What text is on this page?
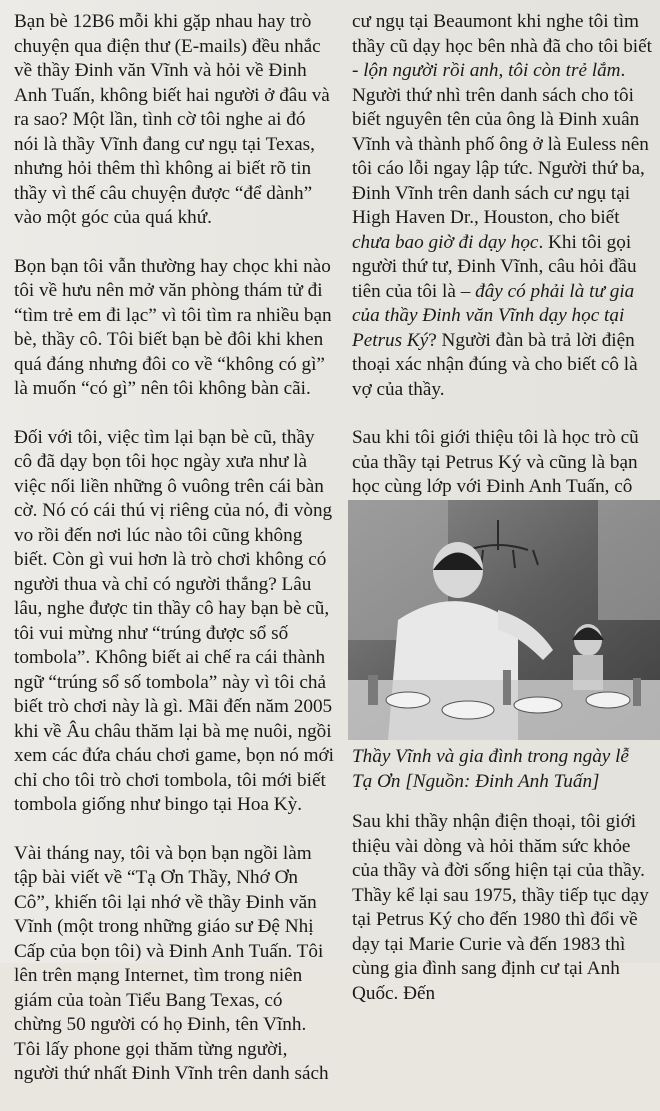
Bạn bè 12B6 mỗi khi gặp nhau hay trò chuyện qua điện thư (E-mails) đều nhắc về thầy Đinh văn Vĩnh và hỏi về Đinh Anh Tuấn, không biết hai người ở đâu và ra sao? Một lần, tình cờ tôi nghe ai đó nói là thầy Vĩnh đang cư ngụ tại Texas, nhưng hỏi thêm thì không ai biết rõ tin thầy vì thế câu chuyện được “để dành” vào một góc của quá khứ.

Bọn bạn tôi vẫn thường hay chọc khi nào tôi về hưu nên mở văn phòng thám tử đi “tìm trẻ em đi lạc” vì tôi tìm ra nhiều bạn bè, thầy cô. Tôi biết bạn bè đôi khi khen quá đáng nhưng đôi co về “không có gì” là muốn “có gì” nên tôi không bàn cãi.

Đối với tôi, việc tìm lại bạn bè cũ, thầy cô đã dạy bọn tôi học ngày xưa như là việc nối liền những ô vuông trên cái bàn cờ. Nó có cái thú vị riêng của nó, đi vòng vo rồi đến nơi lúc nào tôi cũng không biết. Còn gì vui hơn là trò chơi không có người thua và chỉ có người thắng? Lâu lâu, nghe được tin thầy cô hay bạn bè cũ, tôi vui mừng như “trúng được sổ số tombola”. Không biết ai chế ra cái thành ngữ “trúng sổ số tombola” này vì tôi chả biết trò chơi này là gì. Mãi đến năm 2005 khi về Âu châu thăm lại bà mẹ nuôi, ngồi xem các đứa cháu chơi game, bọn nó mới chỉ cho tôi trò chơi tombola, tôi mới biết tombola giống như bingo tại Hoa Kỳ.

Vài tháng nay, tôi và bọn bạn ngồi làm tập bài viết về “Tạ Ơn Thầy, Nhớ Ơn Cô”, khiến tôi lại nhớ về thầy Đinh văn Vĩnh (một trong những giáo sư Đệ Nhị Cấp của bọn tôi) và Đinh Anh Tuấn. Tôi lên trên mạng Internet, tìm trong niên giám của toàn Tiểu Bang Texas, có chừng 50 người có họ Đinh, tên Vĩnh. Tôi lấy phone gọi thăm từng người, người thứ nhất Đinh Vĩnh trên danh sách

cư ngụ tại Beaumont khi nghe tôi tìm thầy cũ dạy học bên nhà đã cho tôi biết - lộn người rồi anh, tôi còn trẻ lắm. Người thứ nhì trên danh sách cho tôi biết nguyên tên của ông là Đinh xuân Vĩnh và thành phố ông ở là Euless nên tôi cáo lỗi ngay lập tức. Người thứ ba, Đinh Vĩnh trên danh sách cư ngụ tại High Haven Dr., Houston, cho biết chưa bao giờ đi dạy học. Khi tôi gọi người thứ tư, Đinh Vĩnh, câu hỏi đầu tiên của tôi là – đây có phải là tư gia của thầy Đinh văn Vĩnh dạy học tại Petrus Ký? Người đàn bà trả lời điện thoại xác nhận đúng và cho biết cô là vợ của thầy.

Sau khi tôi giới thiệu tôi là học trò cũ của thầy tại Petrus Ký và cũng là bạn học cùng lớp với Đinh Anh Tuấn, cô

Thầy Vĩnh và gia đình trong ngày lễ Tạ Ơn [Nguồn: Đinh Anh Tuấn]
Sau khi thầy nhận điện thoại, tôi giới thiệu vài dòng và hỏi thăm sức khỏe của thầy và đời sống hiện tại của thầy. Thầy kể lại sau 1975, thầy tiếp tục dạy tại Petrus Ký cho đến 1980 thì đổi về dạy tại Marie Curie và đến 1983 thì cùng gia đình sang định cư tại Anh Quốc. Đến
